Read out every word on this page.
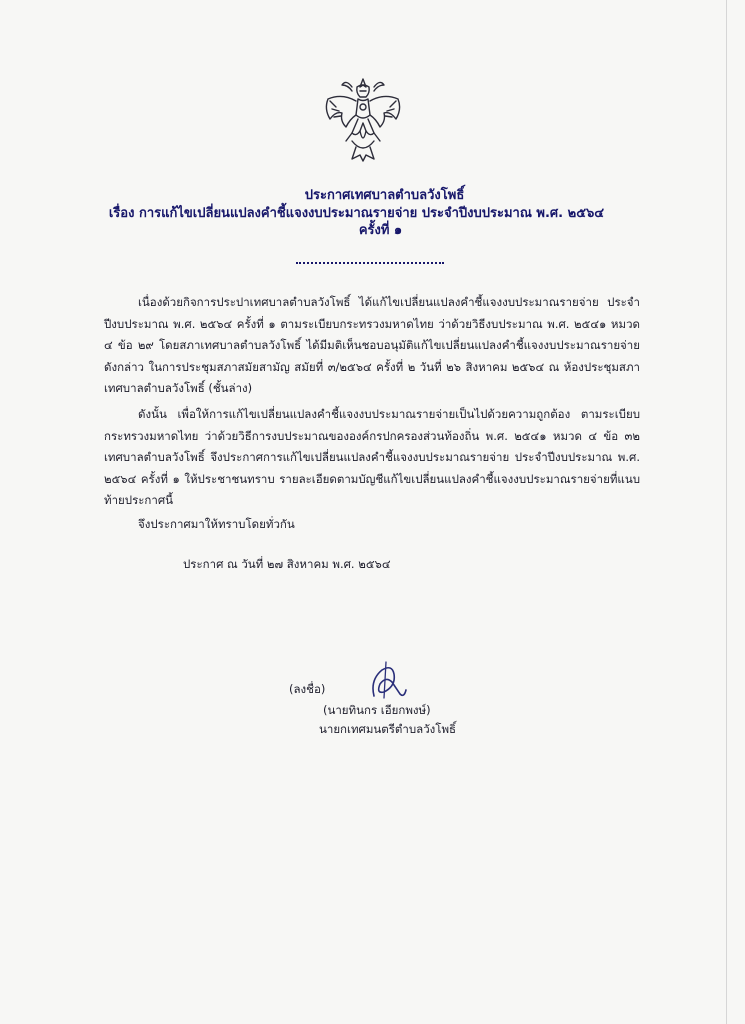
ประกาศเทศบาลตำบลวังโพธิ์
เรื่อง การแก้ไขเปลี่ยนแปลงคำชี้แจงงบประมาณรายจ่าย ประจำปีงบประมาณ พ.ศ. ๒๕๖๔
ครั้งที่ ๑

เนื่องด้วยกิจการประปาเทศบาลตำบลวังโพธิ์ ได้แก้ไขเปลี่ยนแปลงคำชี้แจงงบประมาณรายจ่าย ประจำปีงบประมาณ พ.ศ. ๒๕๖๔ ครั้งที่ ๑ ตามระเบียบกระทรวงมหาดไทย ว่าด้วยวิธีงบประมาณ พ.ศ. ๒๕๔๑ หมวด ๔ ข้อ ๒๙ โดยสภาเทศบาลตำบลวังโพธิ์ ได้มีมติเห็นชอบอนุมัติแก้ไขเปลี่ยนแปลงคำชี้แจงงบประมาณรายจ่ายดังกล่าว ในการประชุมสภาสมัยสามัญ สมัยที่ ๓/๒๕๖๔ ครั้งที่ ๒ วันที่ ๒๖ สิงหาคม ๒๕๖๔ ณ ห้องประชุมสภาเทศบาลตำบลวังโพธิ์ (ชั้นล่าง)

ดังนั้น เพื่อให้การแก้ไขเปลี่ยนแปลงคำชี้แจงงบประมาณรายจ่ายเป็นไปด้วยความถูกต้อง ตามระเบียบกระทรวงมหาดไทย ว่าด้วยวิธีการงบประมาณขององค์กรปกครองส่วนท้องถิ่น พ.ศ. ๒๕๔๑ หมวด ๔ ข้อ ๓๒ เทศบาลตำบลวังโพธิ์ จึงประกาศการแก้ไขเปลี่ยนแปลงคำชี้แจงงบประมาณรายจ่าย ประจำปีงบประมาณ พ.ศ. ๒๕๖๔ ครั้งที่ ๑ ให้ประชาชนทราบ รายละเอียดตามบัญชีแก้ไขเปลี่ยนแปลงคำชี้แจงงบประมาณรายจ่ายที่แนบท้ายประกาศนี้

จึงประกาศมาให้ทราบโดยทั่วกัน
ประกาศ ณ วันที่ ๒๗ สิงหาคม พ.ศ. ๒๕๖๔
(ลงชื่อ)
(นายทินกร เอียกพงษ์)
นายกเทศมนตรีตำบลวังโพธิ์
